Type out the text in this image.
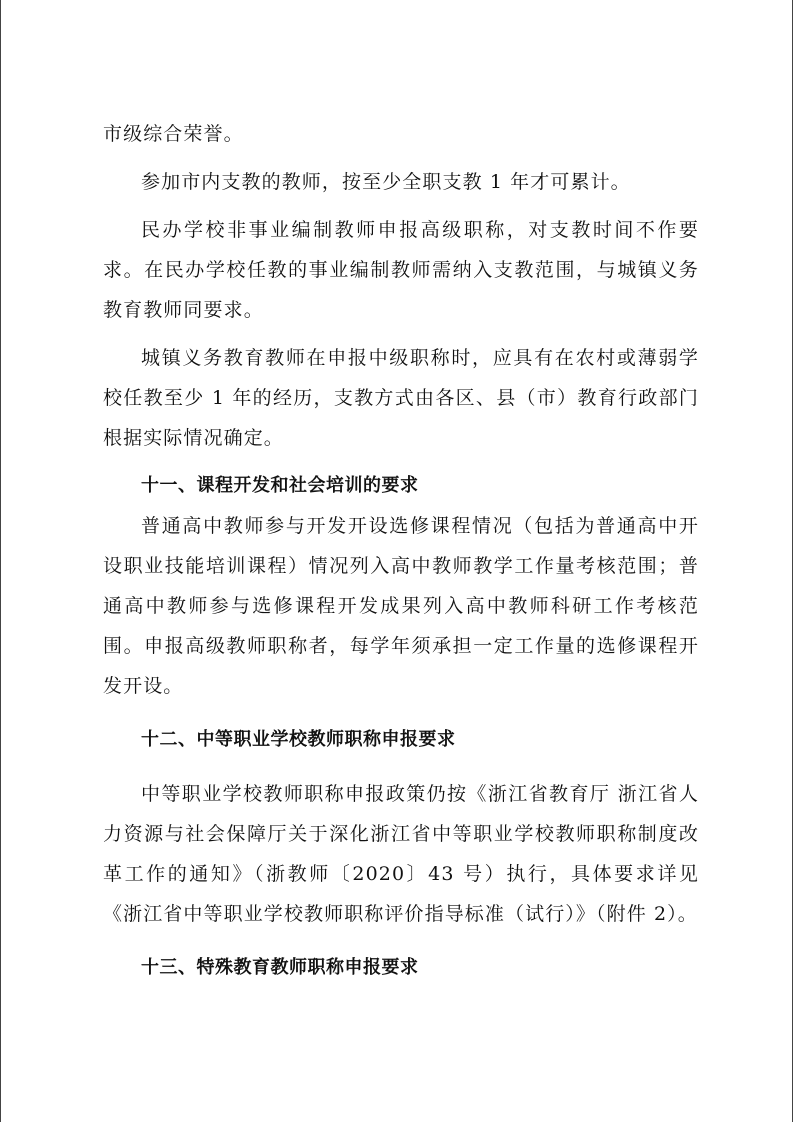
市级综合荣誉。

参加市内支教的教师，按至少全职支教 1 年才可累计。

民办学校非事业编制教师申报高级职称，对支教时间不作要求。在民办学校任教的事业编制教师需纳入支教范围，与城镇义务教育教师同要求。

城镇义务教育教师在申报中级职称时，应具有在农村或薄弱学校任教至少 1 年的经历，支教方式由各区、县（市）教育行政部门根据实际情况确定。

十一、课程开发和社会培训的要求

普通高中教师参与开发开设选修课程情况（包括为普通高中开设职业技能培训课程）情况列入高中教师教学工作量考核范围；普通高中教师参与选修课程开发成果列入高中教师科研工作考核范围。申报高级教师职称者，每学年须承担一定工作量的选修课程开发开设。

十二、中等职业学校教师职称申报要求

中等职业学校教师职称申报政策仍按《浙江省教育厅 浙江省人力资源与社会保障厅关于深化浙江省中等职业学校教师职称制度改革工作的通知》（浙教师〔2020〕43 号）执行，具体要求详见《浙江省中等职业学校教师职称评价指导标准（试行）》（附件 2）。

十三、特殊教育教师职称申报要求
